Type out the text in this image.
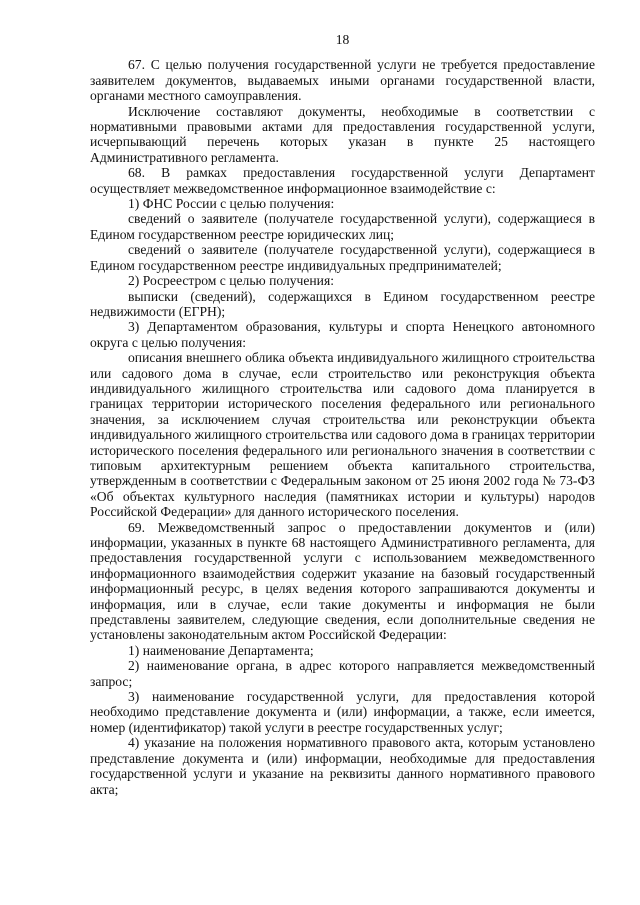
18

67. С целью получения государственной услуги не требуется предоставление заявителем документов, выдаваемых иными органами государственной власти, органами местного самоуправления.

Исключение составляют документы, необходимые в соответствии с нормативными правовыми актами для предоставления государственной услуги, исчерпывающий перечень которых указан в пункте 25 настоящего Административного регламента.

68. В рамках предоставления государственной услуги Департамент осуществляет межведомственное информационное взаимодействие с:

1) ФНС России с целью получения:

сведений о заявителе (получателе государственной услуги), содержащиеся в Едином государственном реестре юридических лиц;

сведений о заявителе (получателе государственной услуги), содержащиеся в Едином государственном реестре индивидуальных предпринимателей;

2) Росреестром с целью получения:

выписки (сведений), содержащихся в Едином государственном реестре недвижимости (ЕГРН);

3) Департаментом образования, культуры и спорта Ненецкого автономного округа с целью получения:

описания внешнего облика объекта индивидуального жилищного строительства или садового дома в случае, если строительство или реконструкция объекта индивидуального жилищного строительства или садового дома планируется в границах территории исторического поселения федерального или регионального значения, за исключением случая строительства или реконструкции объекта индивидуального жилищного строительства или садового дома в границах территории исторического поселения федерального или регионального значения в соответствии с типовым архитектурным решением объекта капитального строительства, утвержденным в соответствии с Федеральным законом от 25 июня 2002 года № 73-ФЗ «Об объектах культурного наследия (памятниках истории и культуры) народов Российской Федерации» для данного исторического поселения.

69. Межведомственный запрос о предоставлении документов и (или) информации, указанных в пункте 68 настоящего Административного регламента, для предоставления государственной услуги с использованием межведомственного информационного взаимодействия содержит указание на базовый государственный информационный ресурс, в целях ведения которого запрашиваются документы и информация, или в случае, если такие документы и информация не были представлены заявителем, следующие сведения, если дополнительные сведения не установлены законодательным актом Российской Федерации:

1) наименование Департамента;

2) наименование органа, в адрес которого направляется межведомственный запрос;

3) наименование государственной услуги, для предоставления которой необходимо представление документа и (или) информации, а также, если имеется, номер (идентификатор) такой услуги в реестре государственных услуг;

4) указание на положения нормативного правового акта, которым установлено представление документа и (или) информации, необходимые для предоставления государственной услуги и указание на реквизиты данного нормативного правового акта;
